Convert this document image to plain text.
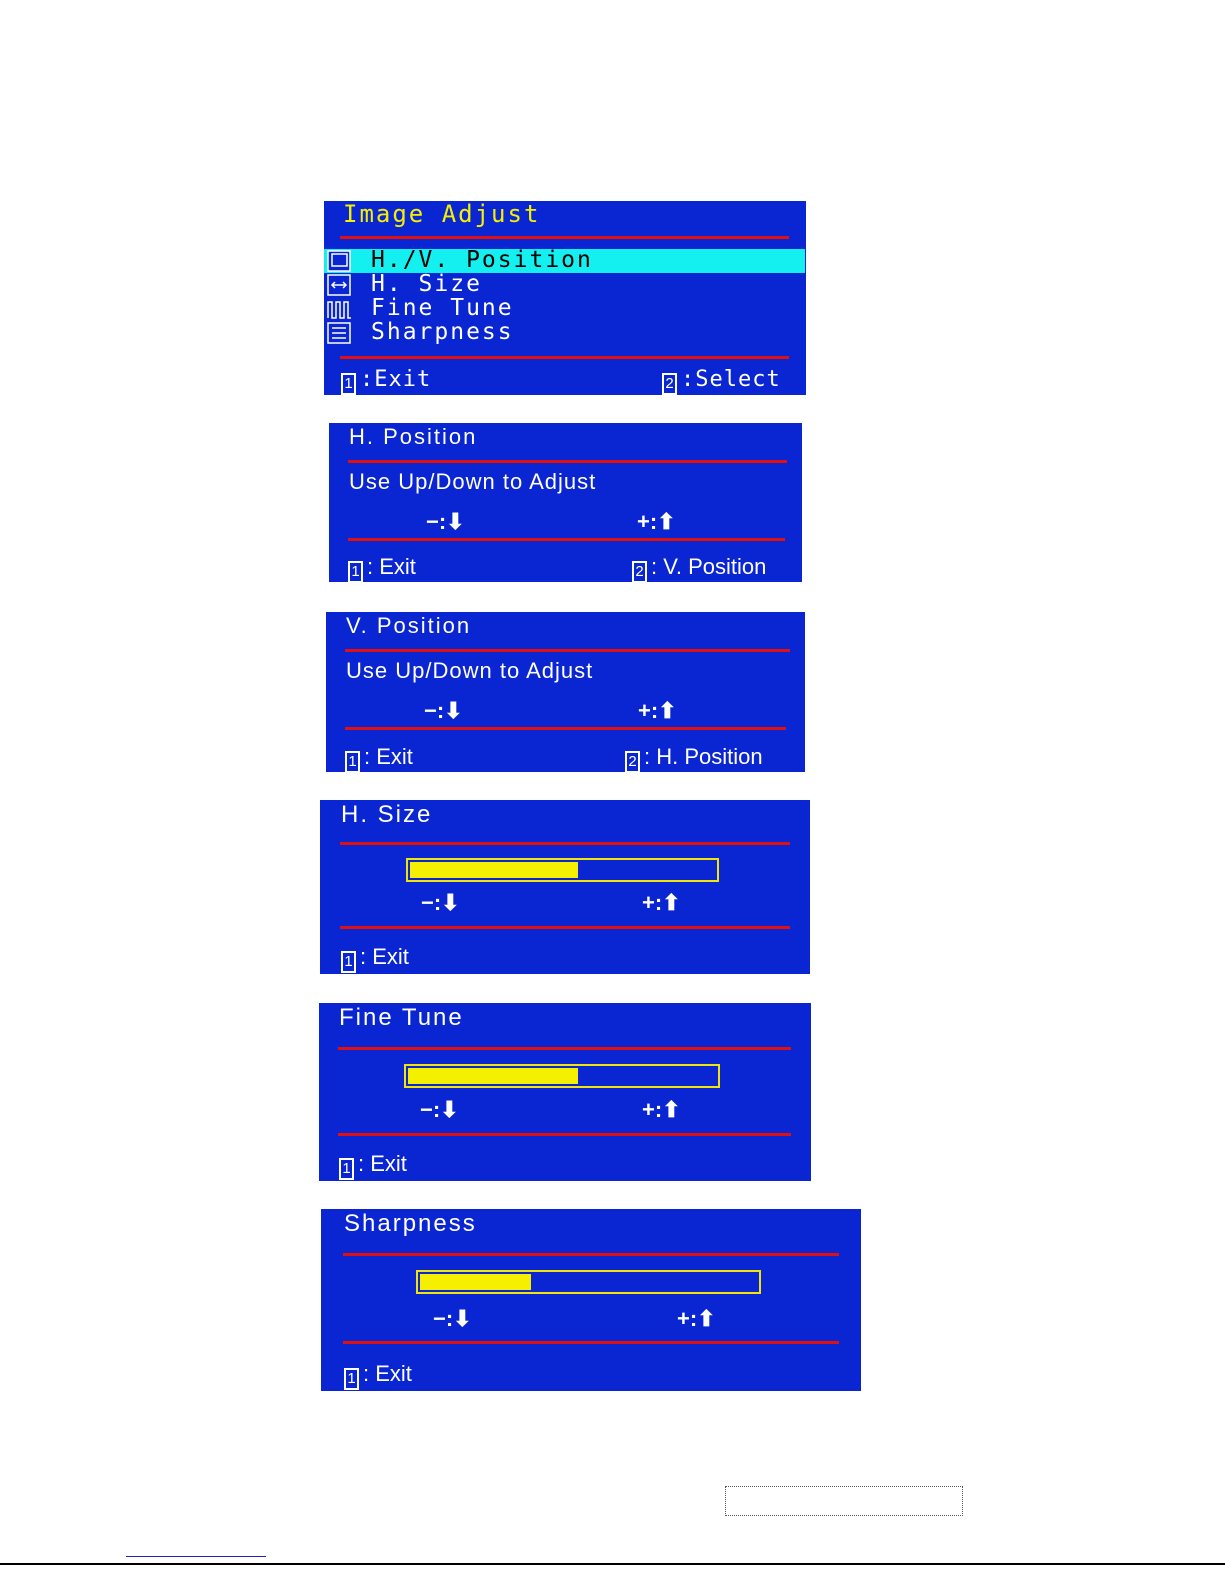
Image Adjust
H./V. Position
H. Size
Fine Tune
Sharpness
1 :Exit	2 :Select
H. Position
Use Up/Down to Adjust
−:⬇	+:⬆
1 : Exit	2 : V. Position
V. Position
Use Up/Down to Adjust
−:⬇	+:⬆
1 : Exit	2 : H. Position
H. Size
−:⬇	+:⬆
1 : Exit
Fine Tune
−:⬇	+:⬆
1 : Exit
Sharpness
−:⬇	+:⬆
1 : Exit
